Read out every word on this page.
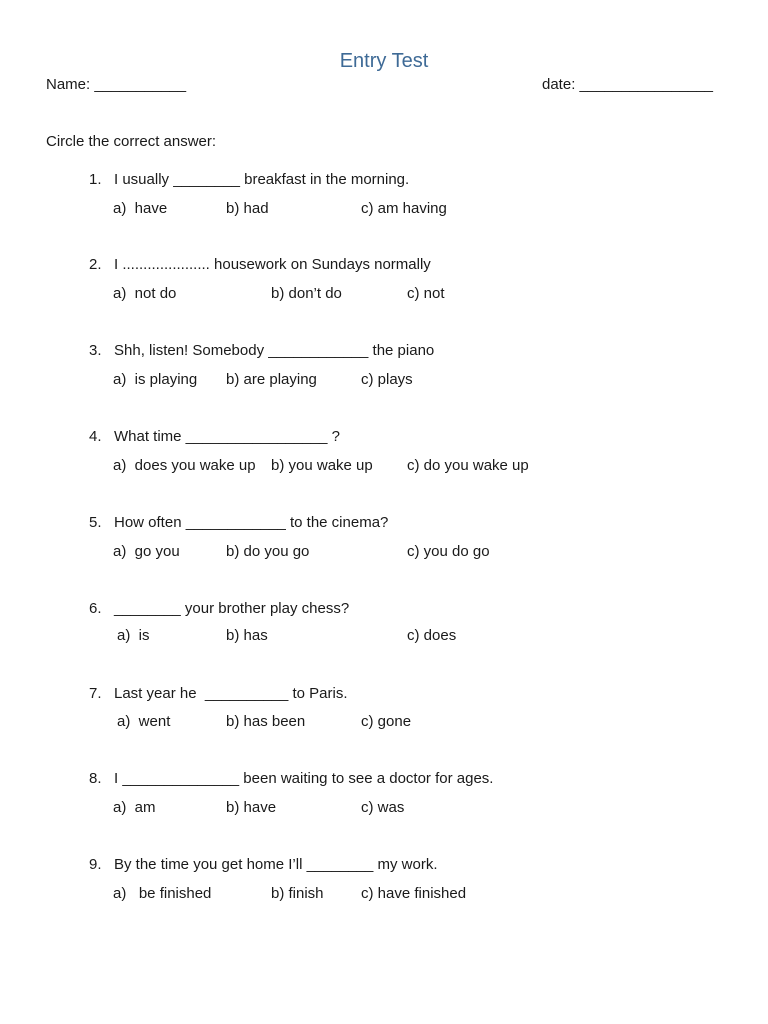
Entry Test
Name: ___________	date: ________________
Circle the correct answer:
1. I usually ________ breakfast in the morning.
a)  have	b) had	c) am having
2. I ..................... housework on Sundays normally
a)  not do	b) don’t do	c) not
3. Shh, listen! Somebody ____________ the piano
a)  is playing b) are playing	c) plays
4. What time _________________ ?
a)  does you wake up b) you wake up c) do you wake up
5. How often ____________ to the cinema?
a)  go you	b) do you go	c) you do go
6. ________ your brother play chess?
a)  is	b) has	c) does
7. Last year he  __________ to Paris.
a)  went	b) has been	c) gone
8. I ______________ been waiting to see a doctor for ages.
a)  am	b) have	c) was
9. By the time you get home I’ll ________ my work.
a)   be finished	b) finish c) have finished
